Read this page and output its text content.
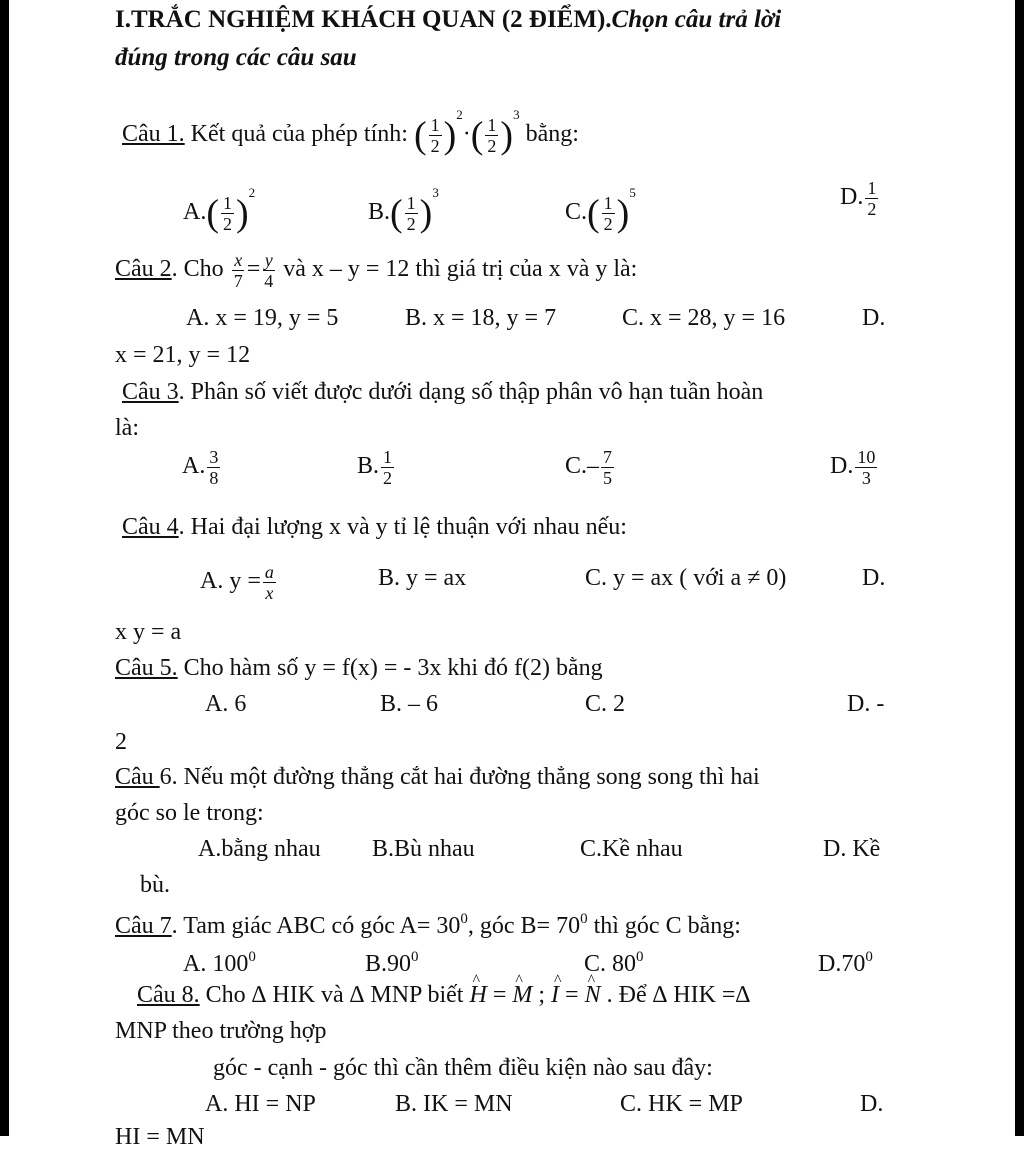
I.TRẮC NGHIỆM KHÁCH QUAN (2 ĐIỂM).Chọn câu trả lời
đúng trong các câu sau
Câu 1. Kết quả của phép tính: ( $\frac{1}{2} )^2\cdot( \frac{1}{2} )^3$ bằng:
$A.( \frac{1}{2} )^2$
$B.( \frac{1}{2} )^3$
$C.( \frac{1}{2} )^5$	D. $\frac{1}{2}$
Câu 2. Cho $\frac{x}{7} = \frac{y}{4}$ và x – y = 12 thì giá trị của x và y là:
A. x = 19, y = 5	B. x = 18, y = 7	C. x = 28, y = 16	D.
x = 21, y = 12
Câu 3. Phân số viết được dưới dạng số thập phân vô hạn tuần hoàn
là:
A. $\frac{3}{8}$	B. $\frac{1}{2}$	$C.- \frac{7}{5}$	D. $\frac{10}{3}$
Câu 4. Hai đại lượng x và y tỉ lệ thuận với nhau nếu:
A. $y = \frac{a}{x}$	B. y = ax	C. y = ax ( với a ≠ 0)	D.
x y = a
Câu 5. Cho hàm số y = f(x) = - 3x khi đó f(2) bằng
A. 6	B. – 6	C. 2	D. -
2
Câu 6. Nếu một đường thẳng cắt hai đường thẳng song song thì hai
góc so le trong:
A.bằng nhau B.Bù nhau	C.Kề nhau	D. Kề
bù.
Câu 7. Tam giác ABC có góc $A= 30^0$, góc $B= 70^0$ thì góc C bằng:
A. $100^0$	$B.90^0$	C. $80^0$	$D.70^0$
Câu 8. Cho ∆ HIK và ∆ MNP biết ^ H = ^ M ; ^ I = ^ N . Để ∆ HIK =∆
MNP theo trường hợp
góc - cạnh - góc thì cần thêm điều kiện nào sau đây:
A. HI = NP	B. IK = MN	C. HK = MP	D.
HI = MN
